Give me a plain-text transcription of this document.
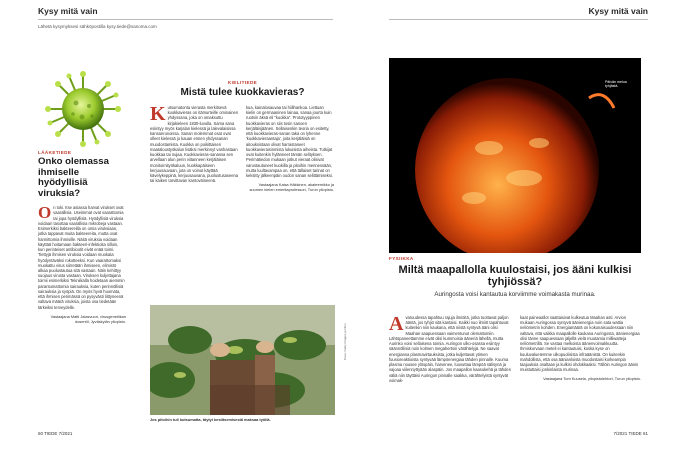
Kysy mitä vain
Lähetä kysymyksesi sähköpostilla kysy.tiede@sanoma.com
Kysy mitä vain
LÄÄKETIEDE
Onko olemassa ihmiselle hyödyllisiä viruksia?
On toki. Itse asiassa harvat virukset ovat vaarallisia. Useimmat ovat vaarattomia tai jopa hyödyllisiä. Hyödyllisiä viruksia voidaan tasottaa vaarallisia mikrobeja vastaan. Esimerkiksi bakteereilla on omia viruksiaan, jotka tappavat muita bakteereita, mutta ovat harmittomia ihmisille. Näitä viruksia voidaan käyttää hoitamaan bakteeri-infektioita silloin, kun perinteiset antibiootit eivät enää toimi. Tiettyjä ihmisen viruksia voidaan muokata hyödyntäväksi rokotteeksi. Kun vaarattomaksi muokattu virus siirretään ihmiseen, elimistö alkaa puolustautua sitä vastaan. Näin kehittyy suojaus virusta vastaan. Viruksen kuljettajana toimii esimerkiksi Tekniikalla hoidetaan aiemmin parantumattomia sairauksia, kuten perinnöllisiä sairauksia ja syöpiä. On myös hyvä huomata, että ihmisen perimässä on pysyvästi liittyneenä valtava määrä viruksia, joista osa tiedetään tärkeiksi terveydelle.
Vastaajana Matti Jalasvuori, virusgenetiikan dosentti, Jyväskylän yliopisto.
KIELITIEDE
Mistä tulee kuokkavieras?
Kutsumatonta vierasta merkitsevä kuokkavieras on itämurteille ominainen yhdyssana, joka on omaksuttu kirjakieleen 1830-luvulla. Sama sana esiintyy myös karjalan kielessä ja lalevalaisissa kansanrunoissa. Sanan molemmat osat ovat olleet kielessä jo kauan ennen yhdyssanan muodostamista. Kuokka on poikittaisen maataloustyökalun lisäksi merkinnyt vanhastaan kuokkaa tai nujaa. Kuokkavieras-sanassa sen arvellaan alun perin viitanneen kerjäläisen monitoimityökaluun, kuokkapäiseen kerjuusauvaan, jota on voinut käyttää kävelykeppinä, kerjuusauvana, puolustusaseena tai kaiken tarvittavan kantoväineenä.
kua, kainalosauvaa tai hiilihankoa. Liettuan kielin on germaaninen lainaa, sanaa jourta kuin ruotsin äksä eli "kuokka". Prototyyppinen kuokkavieras on siis tosin sanoen kerjäläisjäänen. Sellaisenkin teoria on esitetty, että kuokkavieras-sanan taka on lyhenne 'kuokkavieraantaja', joita kerjäläisiä on aitouksistaan olivat harrastaneet kuokkavieraisinmista lukuisista aiheista. Tutkijat ovat kuitenkin hylänneet tämän selityksen. Perimätiedon mukaan jotkut vieraat olisivat varustautuneet kuokilla ja pitoihin mennessään, mutta luultavampaa on, että tällaiset tarinat on keksitty jälkeenpäin oudon sanan selittämiseksi.
Vastaajana Kaisa Häkkinen, akateemikko ja suomen kielen emeritaprofessori, Turun yliopisto.
Jos pitoihin tuli kutsumatta, täytyi kestitsemisestä maksaa työllä.
Kuva: Getty Images ja Nmo
60 TIEDE 7/2021
Päivän melua tyhjästä.
FYSIIKKA
Miltä maapallolla kuulostaisi, jos ääni kulkisi tyhjiössä?
Auringosta voisi kantautua korviimme voimakasta murinaa.
Avaruudessa tapahtuu rajuja ilmiöitä, jotka tuottavat paljon ääntä, jos tyhjiö sitä kantaisi. Kaikki nuo ilmiöt tapahtuvat kuitenkin niin kaukana, että niistä syntyvä ääni olisi Maahan saapuessaan vaimentunut olemattomiin. Lähtöpaneettamme eivät olisi kummoisia ääneriä lähellä, mutta Aurinko voisi sellaisena toimia. Auringon ulko-osassa esiintyy säännöllisiä noin kolmen megahertsin värähtelyjä. Ne saavat energiansa plasmavirtauksista, jotka kuljettavat ytimen fuusioreaktioista syntyvää lämpöenergiaa tähden pinnalle. Kuuma plasma nousee ylöspäin, harvenee, luovuttaa lämpöä sälisynä ja vajoaa viilennyttyään alaspäin. Jos maapallon kaasukehä ja tähden väliä niin täyttäisi Auringon pinnalle saakka, värähtelyistä syntyvät voimak-
kaat paineaallot saattaisivat kulkeutua Maahan asti. Arvion mukaan Auringossa syntyvä äänienergia noin sata wattia neliömetrin kohden. Energiamäärä on kokonaisuudessaan niin valtava, että vaikka maapallolle kaukana Auringosta, äänienergiaa olisi tänne saapuessaan jäljellä vielä muutamia milliwatteja neliömetrillä. Se vastaa melkoista äänenvoimakkuutta. Ihmiskorvaan meteli ei kantautuisi, koska kyse on kuuluvaluetemme ulkopuolisista infraäänistä. On kuitenkin mahdollista, että osa äänianloista muodostaisi korkeampia taajuuksia osaltaan ja kulkisi ohdokkaaksi. Tällöin Auringon äänin muistuttaisi jonkinlaista murinaa.
Vastaajana Tom Kuusela, yliopistolehtori, Turun yliopisto.
7/2021 TIEDE 61
